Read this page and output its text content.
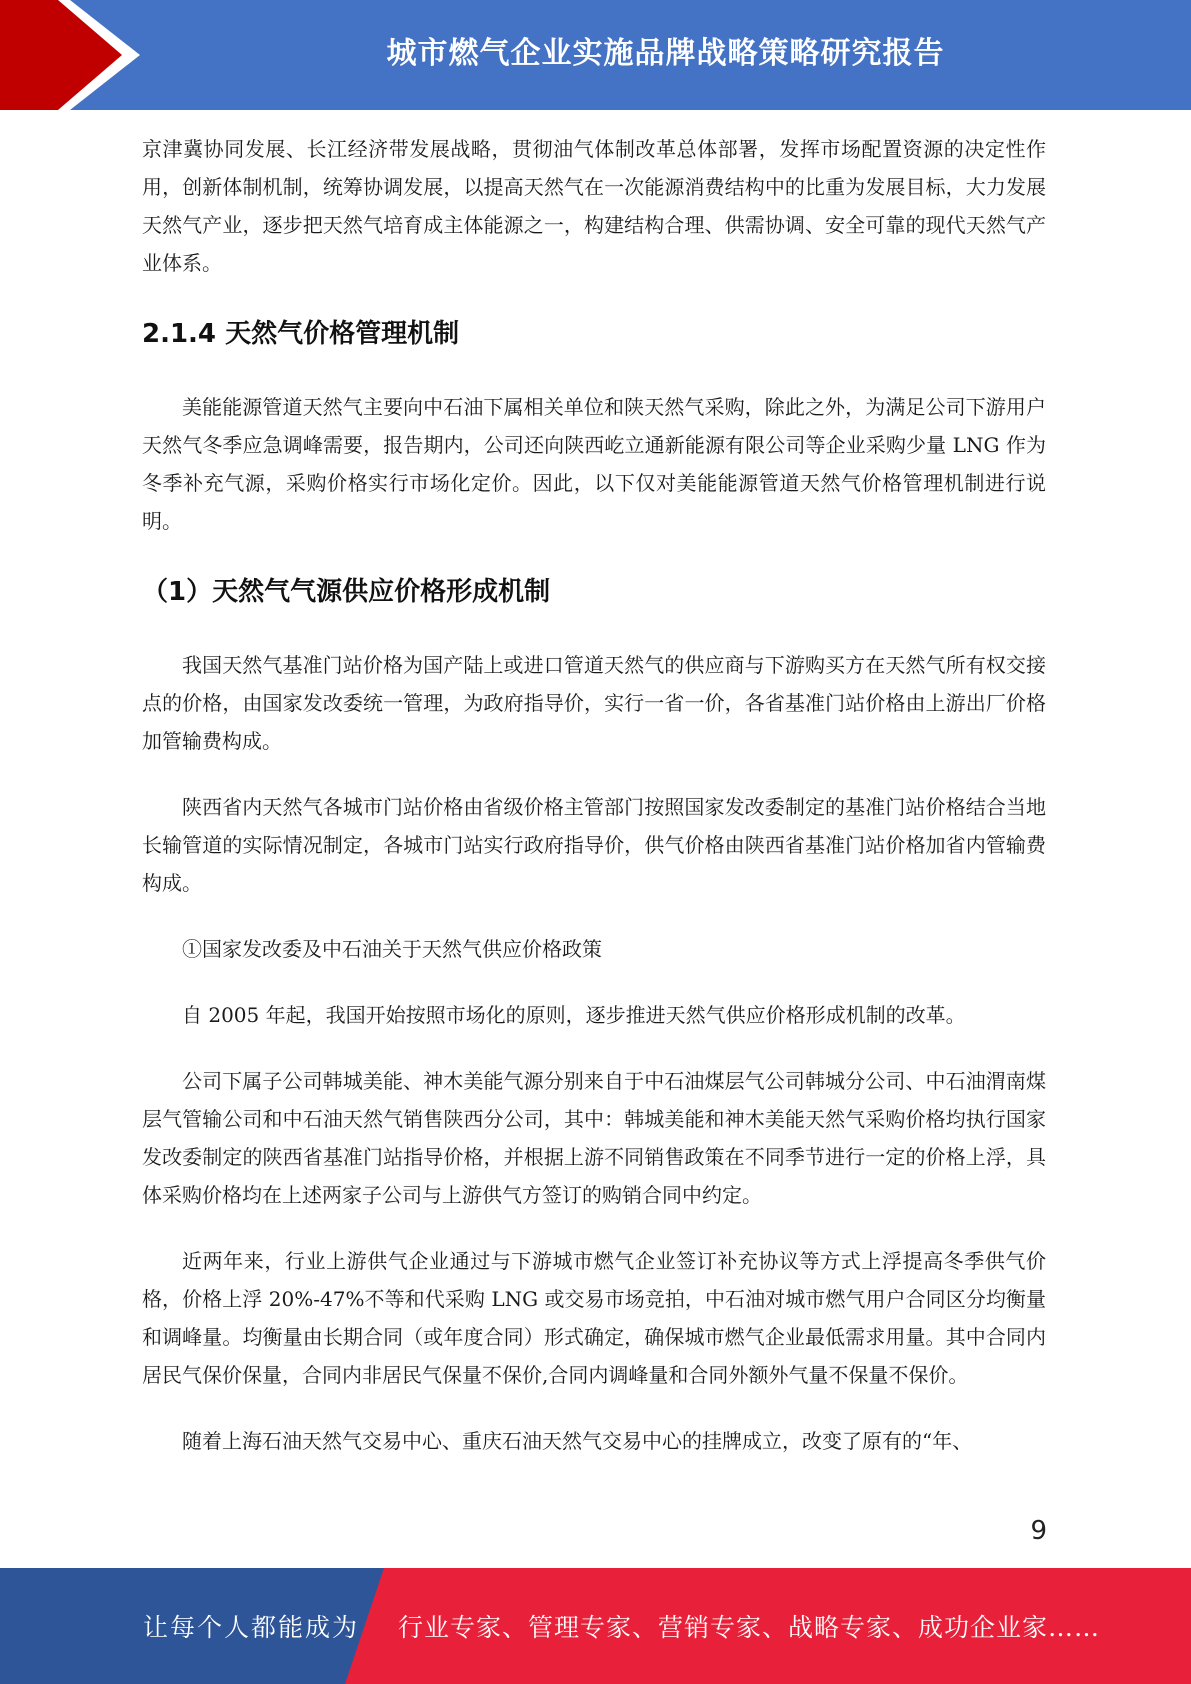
城市燃气企业实施品牌战略策略研究报告

京津冀协同发展、长江经济带发展战略，贯彻油气体制改革总体部署，发挥市场配置资源的决定性作用，创新体制机制，统筹协调发展，以提高天然气在一次能源消费结构中的比重为发展目标，大力发展天然气产业，逐步把天然气培育成主体能源之一，构建结构合理、供需协调、安全可靠的现代天然气产业体系。

2.1.4 天然气价格管理机制

美能能源管道天然气主要向中石油下属相关单位和陕天然气采购，除此之外，为满足公司下游用户天然气冬季应急调峰需要，报告期内，公司还向陕西屹立通新能源有限公司等企业采购少量 LNG 作为冬季补充气源，采购价格实行市场化定价。因此，以下仅对美能能源管道天然气价格管理机制进行说明。

（1）天然气气源供应价格形成机制

我国天然气基准门站价格为国产陆上或进口管道天然气的供应商与下游购买方在天然气所有权交接点的价格，由国家发改委统一管理，为政府指导价，实行一省一价，各省基准门站价格由上游出厂价格加管输费构成。

陕西省内天然气各城市门站价格由省级价格主管部门按照国家发改委制定的基准门站价格结合当地长输管道的实际情况制定，各城市门站实行政府指导价，供气价格由陕西省基准门站价格加省内管输费构成。

①国家发改委及中石油关于天然气供应价格政策

自 2005 年起，我国开始按照市场化的原则，逐步推进天然气供应价格形成机制的改革。

公司下属子公司韩城美能、神木美能气源分别来自于中石油煤层气公司韩城分公司、中石油渭南煤层气管输公司和中石油天然气销售陕西分公司，其中：韩城美能和神木美能天然气采购价格均执行国家发改委制定的陕西省基准门站指导价格，并根据上游不同销售政策在不同季节进行一定的价格上浮，具体采购价格均在上述两家子公司与上游供气方签订的购销合同中约定。

近两年来，行业上游供气企业通过与下游城市燃气企业签订补充协议等方式上浮提高冬季供气价格，价格上浮 20%-47%不等和代采购 LNG 或交易市场竞拍，中石油对城市燃气用户合同区分均衡量和调峰量。均衡量由长期合同（或年度合同）形式确定，确保城市燃气企业最低需求用量。其中合同内居民气保价保量，合同内非居民气保量不保价,合同内调峰量和合同外额外气量不保量不保价。

随着上海石油天然气交易中心、重庆石油天然气交易中心的挂牌成立，改变了原有的“年、

9
让每个人都能成为 行业专家、管理专家、营销专家、战略专家、成功企业家……
